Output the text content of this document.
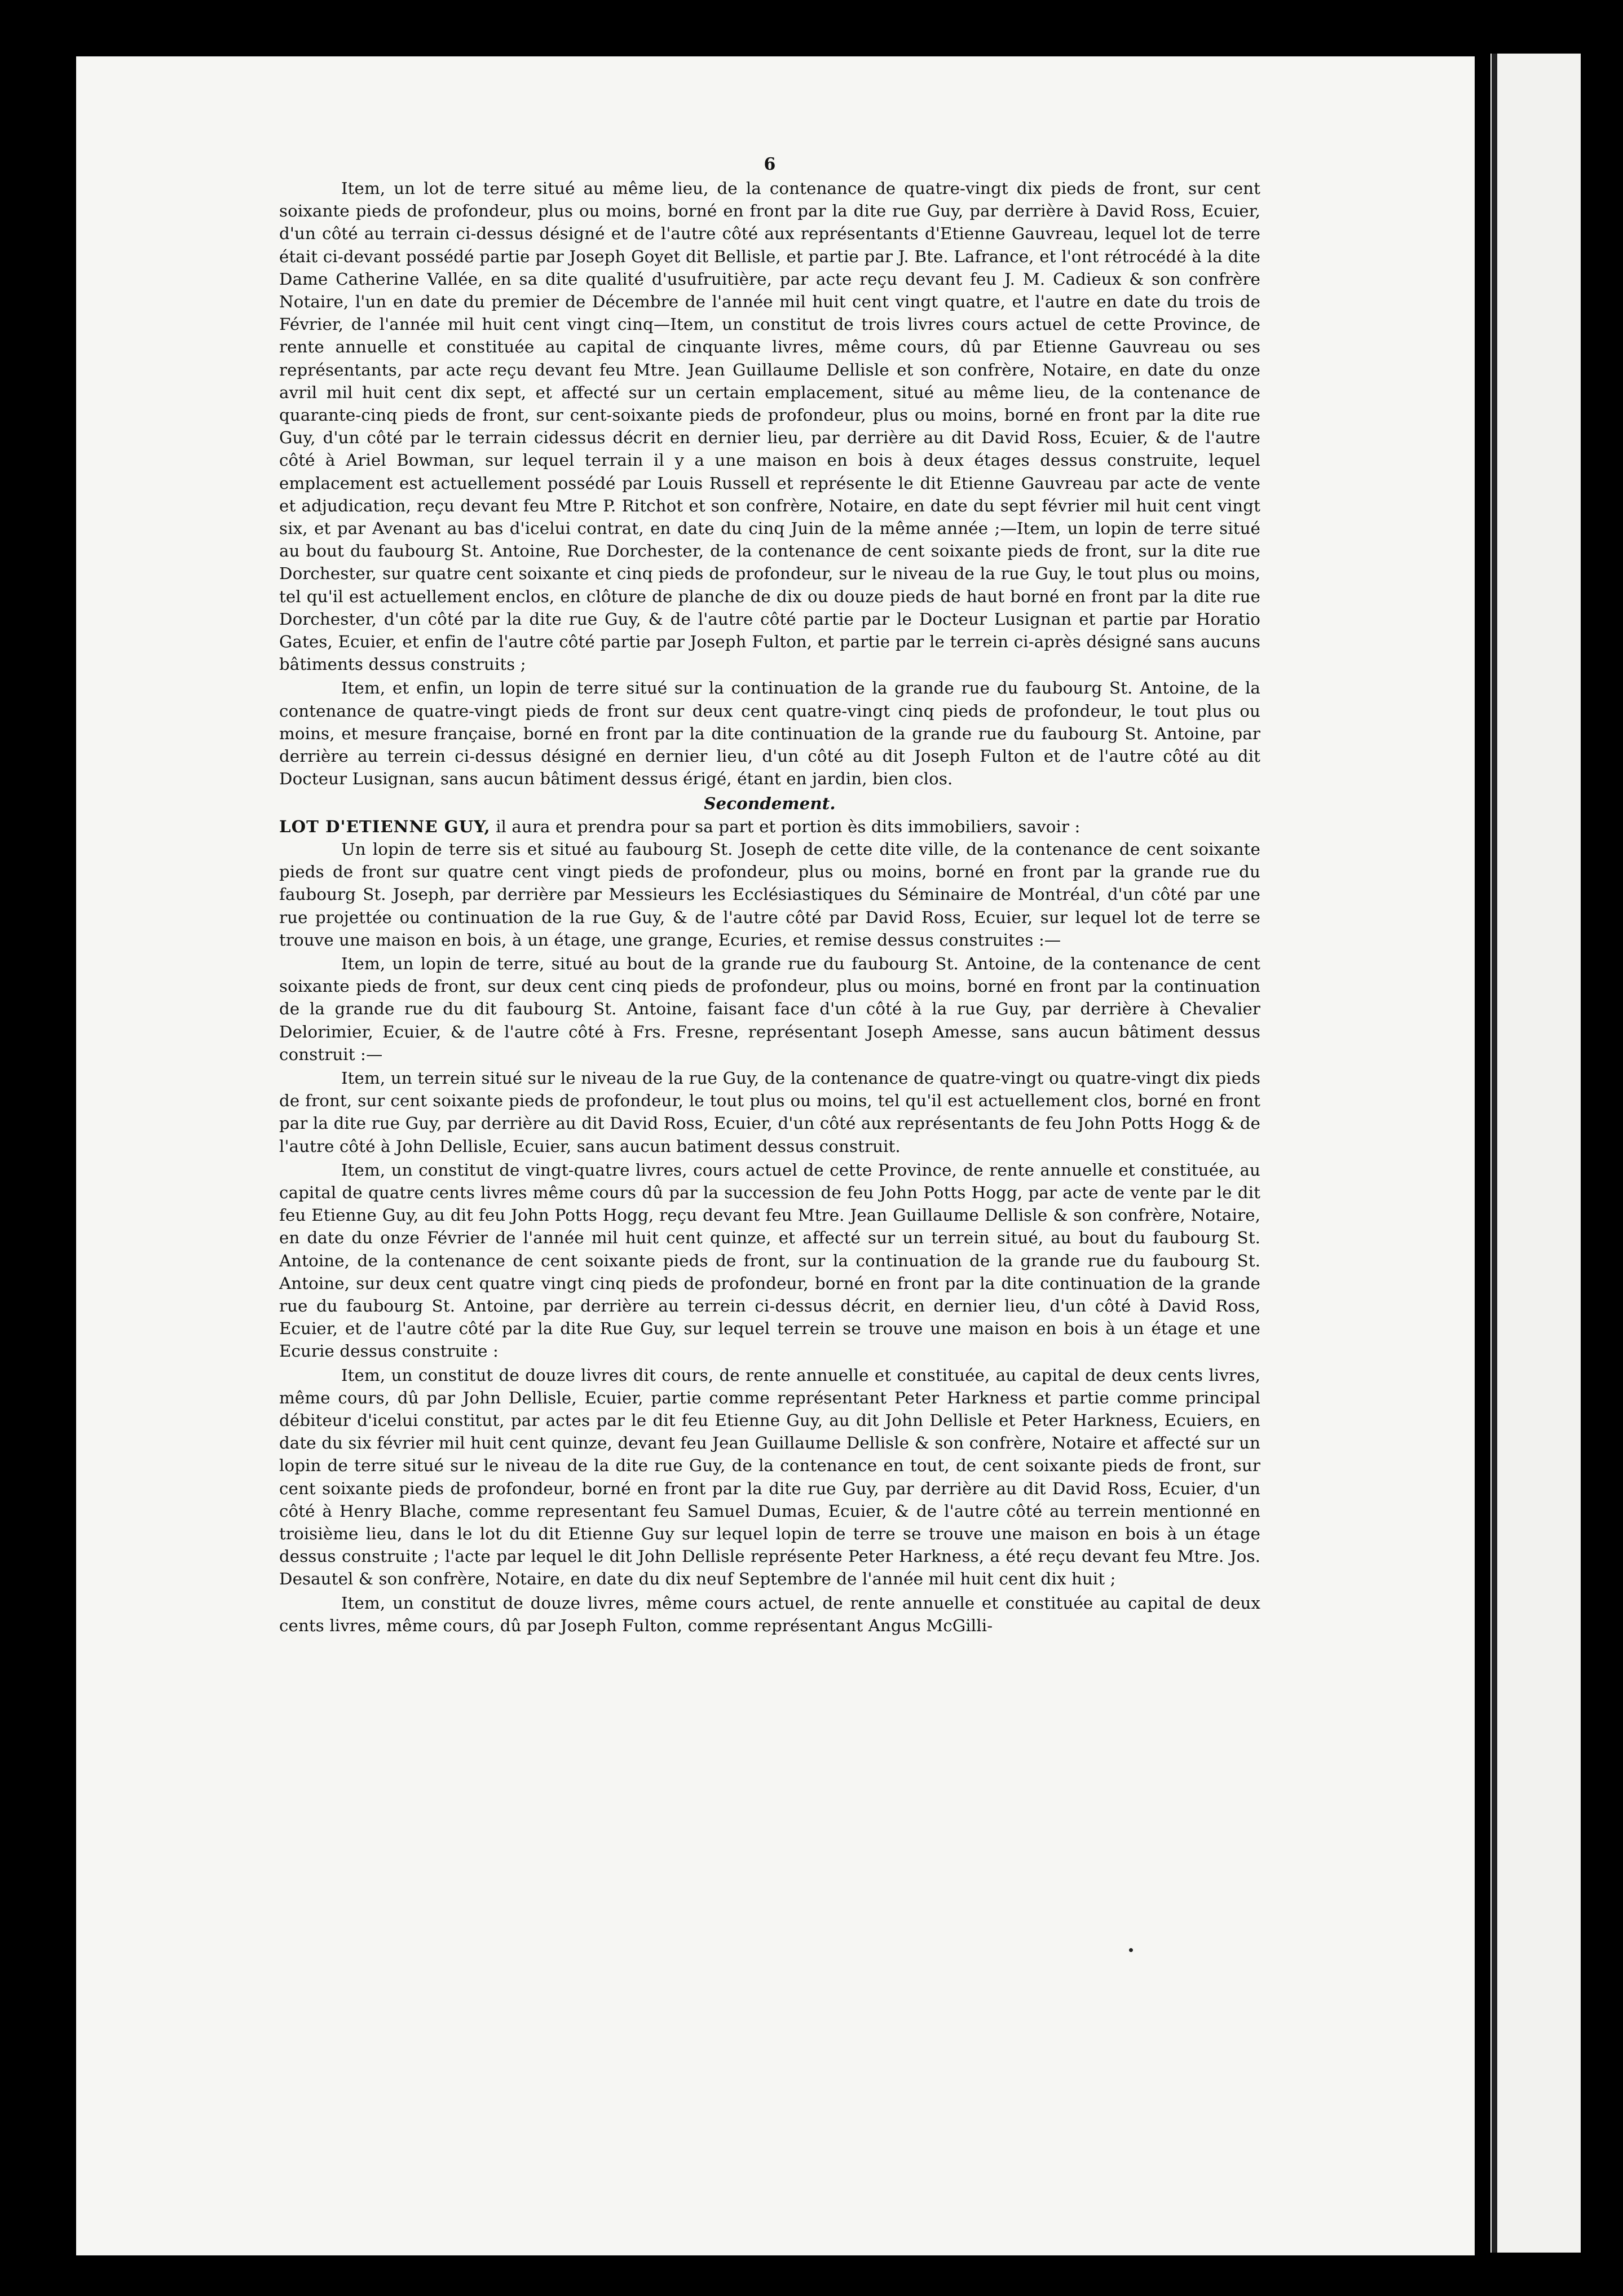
6

Item, un lot de terre situé au même lieu, de la contenance de quatre-vingt dix pieds de front, sur cent soixante pieds de profondeur, plus ou moins, borné en front par la dite rue Guy, par derrière à David Ross, Ecuier, d'un côté au terrain ci-dessus désigné et de l'autre côté aux représentants d'Etienne Gauvreau, lequel lot de terre était ci-devant possédé partie par Joseph Goyet dit Bellisle, et partie par J. Bte. Lafrance, et l'ont rétrocédé à la dite Dame Catherine Vallée, en sa dite qualité d'usufruitière, par acte reçu devant feu J. M. Cadieux & son confrère Notaire, l'un en date du premier de Décembre de l'année mil huit cent vingt quatre, et l'autre en date du trois de Février, de l'année mil huit cent vingt cinq—Item, un constitut de trois livres cours actuel de cette Province, de rente annuelle et constituée au capital de cinquante livres, même cours, dû par Etienne Gauvreau ou ses représentants, par acte reçu devant feu Mtre. Jean Guillaume Dellisle et son confrère, Notaire, en date du onze avril mil huit cent dix sept, et affecté sur un certain emplacement, situé au même lieu, de la contenance de quarante-cinq pieds de front, sur cent-soixante pieds de profondeur, plus ou moins, borné en front par la dite rue Guy, d'un côté par le terrain cidessus décrit en dernier lieu, par derrière au dit David Ross, Ecuier, & de l'autre côté à Ariel Bowman, sur lequel terrain il y a une maison en bois à deux étages dessus construite, lequel emplacement est actuellement possédé par Louis Russell et représente le dit Etienne Gauvreau par acte de vente et adjudication, reçu devant feu Mtre P. Ritchot et son confrère, Notaire, en date du sept février mil huit cent vingt six, et par Avenant au bas d'icelui contrat, en date du cinq Juin de la même année ;—Item, un lopin de terre situé au bout du faubourg St. Antoine, Rue Dorchester, de la contenance de cent soixante pieds de front, sur la dite rue Dorchester, sur quatre cent soixante et cinq pieds de profondeur, sur le niveau de la rue Guy, le tout plus ou moins, tel qu'il est actuellement enclos, en clôture de planche de dix ou douze pieds de haut borné en front par la dite rue Dorchester, d'un côté par la dite rue Guy, & de l'autre côté partie par le Docteur Lusignan et partie par Horatio Gates, Ecuier, et enfin de l'autre côté partie par Joseph Fulton, et partie par le terrein ci-après désigné sans aucuns bâtiments dessus construits ;

Item, et enfin, un lopin de terre situé sur la continuation de la grande rue du faubourg St. Antoine, de la contenance de quatre-vingt pieds de front sur deux cent quatre-vingt cinq pieds de profondeur, le tout plus ou moins, et mesure française, borné en front par la dite continuation de la grande rue du faubourg St. Antoine, par derrière au terrein ci-dessus désigné en dernier lieu, d'un côté au dit Joseph Fulton et de l'autre côté au dit Docteur Lusignan, sans aucun bâtiment dessus érigé, étant en jardin, bien clos.

Secondement.

LOT D'ETIENNE GUY, il aura et prendra pour sa part et portion ès dits immobiliers, savoir :

Un lopin de terre sis et situé au faubourg St. Joseph de cette dite ville, de la contenance de cent soixante pieds de front sur quatre cent vingt pieds de profondeur, plus ou moins, borné en front par la grande rue du faubourg St. Joseph, par derrière par Messieurs les Ecclésiastiques du Séminaire de Montréal, d'un côté par une rue projettée ou continuation de la rue Guy, & de l'autre côté par David Ross, Ecuier, sur lequel lot de terre se trouve une maison en bois, à un étage, une grange, Ecuries, et remise dessus construites :—

Item, un lopin de terre, situé au bout de la grande rue du faubourg St. Antoine, de la contenance de cent soixante pieds de front, sur deux cent cinq pieds de profondeur, plus ou moins, borné en front par la continuation de la grande rue du dit faubourg St. Antoine, faisant face d'un côté à la rue Guy, par derrière à Chevalier Delorimier, Ecuier, & de l'autre côté à Frs. Fresne, représentant Joseph Amesse, sans aucun bâtiment dessus construit :—

Item, un terrein situé sur le niveau de la rue Guy, de la contenance de quatre-vingt ou quatre-vingt dix pieds de front, sur cent soixante pieds de profondeur, le tout plus ou moins, tel qu'il est actuellement clos, borné en front par la dite rue Guy, par derrière au dit David Ross, Ecuier, d'un côté aux représentants de feu John Potts Hogg & de l'autre côté à John Dellisle, Ecuier, sans aucun batiment dessus construit.

Item, un constitut de vingt-quatre livres, cours actuel de cette Province, de rente annuelle et constituée, au capital de quatre cents livres même cours dû par la succession de feu John Potts Hogg, par acte de vente par le dit feu Etienne Guy, au dit feu John Potts Hogg, reçu devant feu Mtre. Jean Guillaume Dellisle & son confrère, Notaire, en date du onze Février de l'année mil huit cent quinze, et affecté sur un terrein situé, au bout du faubourg St. Antoine, de la contenance de cent soixante pieds de front, sur la continuation de la grande rue du faubourg St. Antoine, sur deux cent quatre vingt cinq pieds de profondeur, borné en front par la dite continuation de la grande rue du faubourg St. Antoine, par derrière au terrein ci-dessus décrit, en dernier lieu, d'un côté à David Ross, Ecuier, et de l'autre côté par la dite Rue Guy, sur lequel terrein se trouve une maison en bois à un étage et une Ecurie dessus construite :

Item, un constitut de douze livres dit cours, de rente annuelle et constituée, au capital de deux cents livres, même cours, dû par John Dellisle, Ecuier, partie comme représentant Peter Harkness et partie comme principal débiteur d'icelui constitut, par actes par le dit feu Etienne Guy, au dit John Dellisle et Peter Harkness, Ecuiers, en date du six février mil huit cent quinze, devant feu Jean Guillaume Dellisle & son confrère, Notaire et affecté sur un lopin de terre situé sur le niveau de la dite rue Guy, de la contenance en tout, de cent soixante pieds de front, sur cent soixante pieds de profondeur, borné en front par la dite rue Guy, par derrière au dit David Ross, Ecuier, d'un côté à Henry Blache, comme representant feu Samuel Dumas, Ecuier, & de l'autre côté au terrein mentionné en troisième lieu, dans le lot du dit Etienne Guy sur lequel lopin de terre se trouve une maison en bois à un étage dessus construite ; l'acte par lequel le dit John Dellisle représente Peter Harkness, a été reçu devant feu Mtre. Jos. Desautel & son confrère, Notaire, en date du dix neuf Septembre de l'année mil huit cent dix huit ;

Item, un constitut de douze livres, même cours actuel, de rente annuelle et constituée au capital de deux cents livres, même cours, dû par Joseph Fulton, comme représentant Angus McGilli-
